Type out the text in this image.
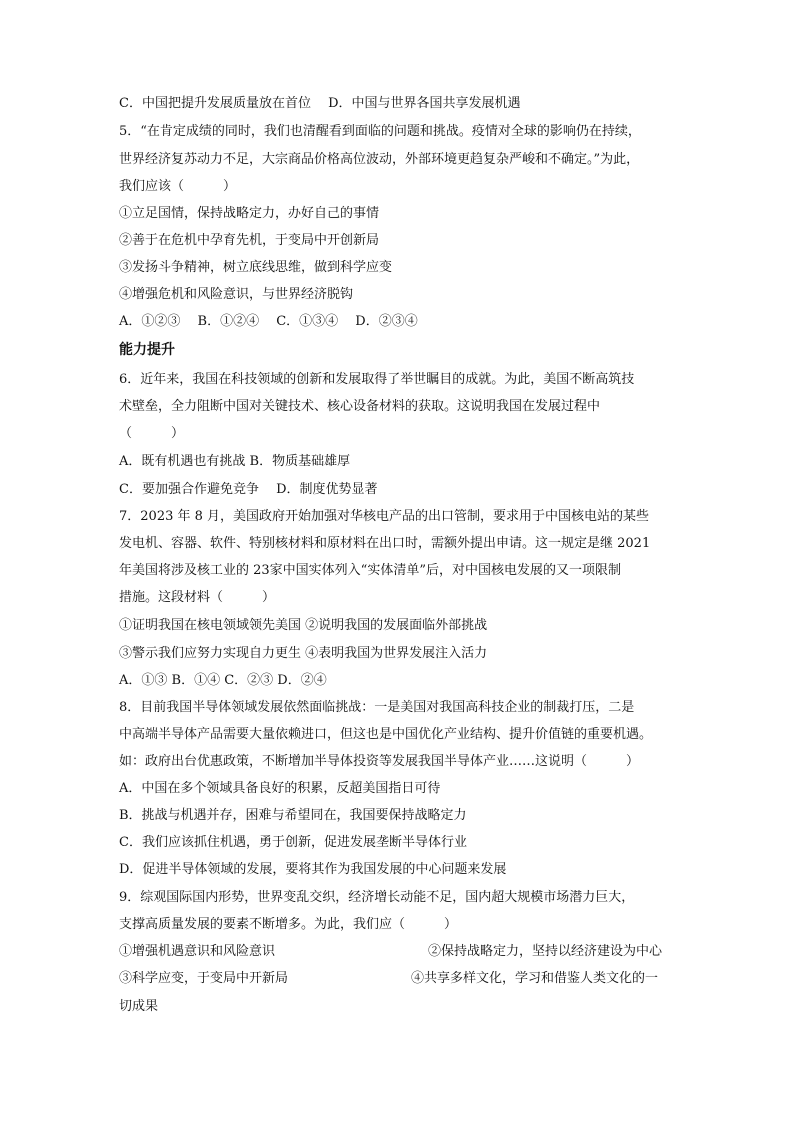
C．中国把提升发展质量放在首位　 D．中国与世界各国共享发展机遇
5．“在肯定成绩的同时，我们也清醒看到面临的问题和挑战。疫情对全球的影响仍在持续，
世界经济复苏动力不足，大宗商品价格高位波动，外部环境更趋复杂严峻和不确定。”为此，
我们应该（　　　）
①立足国情，保持战略定力，办好自己的事情
②善于在危机中孕育先机，于变局中开创新局
③发扬斗争精神，树立底线思维，做到科学应变
④增强危机和风险意识，与世界经济脱钩
A．①②③　 B．①②④　 C．①③④　 D．②③④
能力提升
6．近年来，我国在科技领域的创新和发展取得了举世瞩目的成就。为此，美国不断高筑技
术壁垒，全力阻断中国对关键技术、核心设备材料的获取。这说明我国在发展过程中
（　　　）
A．既有机遇也有挑战 B．物质基础雄厚
C．要加强合作避免竞争　 D．制度优势显著
7．2023 年 8 月，美国政府开始加强对华核电产品的出口管制，要求用于中国核电站的某些
发电机、容器、软件、特别核材料和原材料在出口时，需额外提出申请。这一规定是继 2021
年美国将涉及核工业的 23家中国实体列入“实体清单”后，对中国核电发展的又一项限制
措施。这段材料（　　　）
①证明我国在核电领域领先美国 ②说明我国的发展面临外部挑战
③警示我们应努力实现自力更生 ④表明我国为世界发展注入活力
A．①③ B．①④ C．②③ D．②④
8．目前我国半导体领域发展依然面临挑战：一是美国对我国高科技企业的制裁打压，二是
中高端半导体产品需要大量依赖进口，但这也是中国优化产业结构、提升价值链的重要机遇。
如：政府出台优惠政策，不断增加半导体投资等发展我国半导体产业……这说明（　　　）
A．中国在多个领域具备良好的积累，反超美国指日可待
B．挑战与机遇并存，困难与希望同在，我国要保持战略定力
C．我们应该抓住机遇，勇于创新，促进发展垄断半导体行业
D．促进半导体领域的发展，要将其作为我国发展的中心问题来发展
9．综观国际国内形势，世界变乱交织，经济增长动能不足，国内超大规模市场潜力巨大，
支撑高质量发展的要素不断增多。为此，我们应（　　　）
①增强机遇意识和风险意识	②保持战略定力，坚持以经济建设为中心
③科学应变，于变局中开新局	④共享多样文化，学习和借鉴人类文化的一
切成果
